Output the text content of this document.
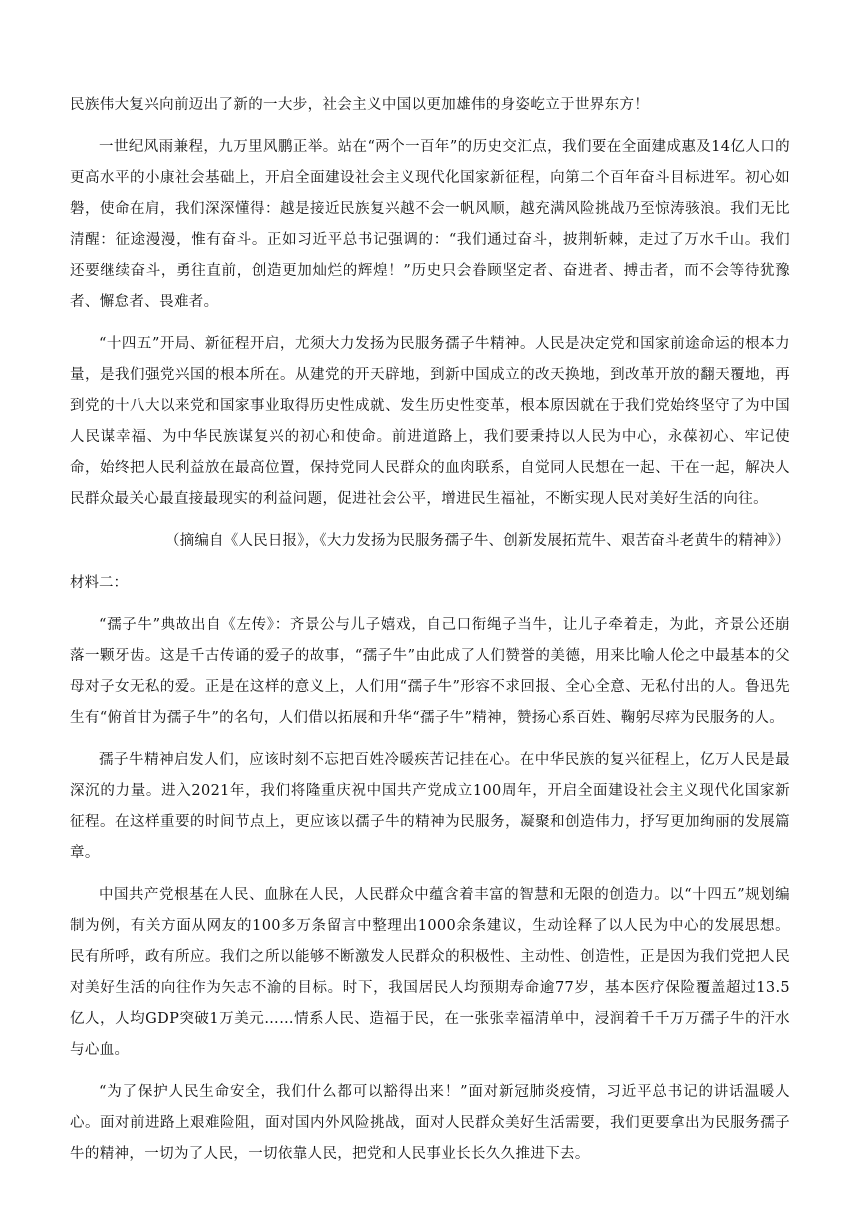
民族伟大复兴向前迈出了新的一大步，社会主义中国以更加雄伟的身姿屹立于世界东方！

一世纪风雨兼程，九万里风鹏正举。站在“两个一百年”的历史交汇点，我们要在全面建成惠及14亿人口的更高水平的小康社会基础上，开启全面建设社会主义现代化国家新征程，向第二个百年奋斗目标进军。初心如磐，使命在肩，我们深深懂得：越是接近民族复兴越不会一帆风顺，越充满风险挑战乃至惊涛骇浪。我们无比清醒：征途漫漫，惟有奋斗。正如习近平总书记强调的：“我们通过奋斗，披荆斩棘，走过了万水千山。我们还要继续奋斗，勇往直前，创造更加灿烂的辉煌！”历史只会眷顾坚定者、奋进者、搏击者，而不会等待犹豫者、懈怠者、畏难者。

“十四五”开局、新征程开启，尤须大力发扬为民服务孺子牛精神。人民是决定党和国家前途命运的根本力量，是我们强党兴国的根本所在。从建党的开天辟地，到新中国成立的改天换地，到改革开放的翻天覆地，再到党的十八大以来党和国家事业取得历史性成就、发生历史性变革，根本原因就在于我们党始终坚守了为中国人民谋幸福、为中华民族谋复兴的初心和使命。前进道路上，我们要秉持以人民为中心，永葆初心、牢记使命，始终把人民利益放在最高位置，保持党同人民群众的血肉联系，自觉同人民想在一起、干在一起，解决人民群众最关心最直接最现实的利益问题，促进社会公平，增进民生福祉，不断实现人民对美好生活的向往。

（摘编自《人民日报》，《大力发扬为民服务孺子牛、创新发展拓荒牛、艰苦奋斗老黄牛的精神》）

材料二：

“孺子牛”典故出自《左传》：齐景公与儿子嬉戏，自己口衔绳子当牛，让儿子牵着走，为此，齐景公还崩落一颗牙齿。这是千古传诵的爱子的故事，“孺子牛”由此成了人们赞誉的美德，用来比喻人伦之中最基本的父母对子女无私的爱。正是在这样的意义上，人们用“孺子牛”形容不求回报、全心全意、无私付出的人。鲁迅先生有“俯首甘为孺子牛”的名句，人们借以拓展和升华“孺子牛”精神，赞扬心系百姓、鞠躬尽瘁为民服务的人。

孺子牛精神启发人们，应该时刻不忘把百姓冷暖疾苦记挂在心。在中华民族的复兴征程上，亿万人民是最深沉的力量。进入2021年，我们将隆重庆祝中国共产党成立100周年，开启全面建设社会主义现代化国家新征程。在这样重要的时间节点上，更应该以孺子牛的精神为民服务，凝聚和创造伟力，抒写更加绚丽的发展篇章。

中国共产党根基在人民、血脉在人民，人民群众中蕴含着丰富的智慧和无限的创造力。以“十四五”规划编制为例，有关方面从网友的100多万条留言中整理出1000余条建议，生动诠释了以人民为中心的发展思想。民有所呼，政有所应。我们之所以能够不断激发人民群众的积极性、主动性、创造性，正是因为我们党把人民对美好生活的向往作为矢志不渝的目标。时下，我国居民人均预期寿命逾77岁，基本医疗保险覆盖超过13.5亿人，人均GDP突破1万美元……情系人民、造福于民，在一张张幸福清单中，浸润着千千万万孺子牛的汗水与心血。

“为了保护人民生命安全，我们什么都可以豁得出来！”面对新冠肺炎疫情，习近平总书记的讲话温暖人心。面对前进路上艰难险阻，面对国内外风险挑战，面对人民群众美好生活需要，我们更要拿出为民服务孺子牛的精神，一切为了人民，一切依靠人民，把党和人民事业长长久久推进下去。
